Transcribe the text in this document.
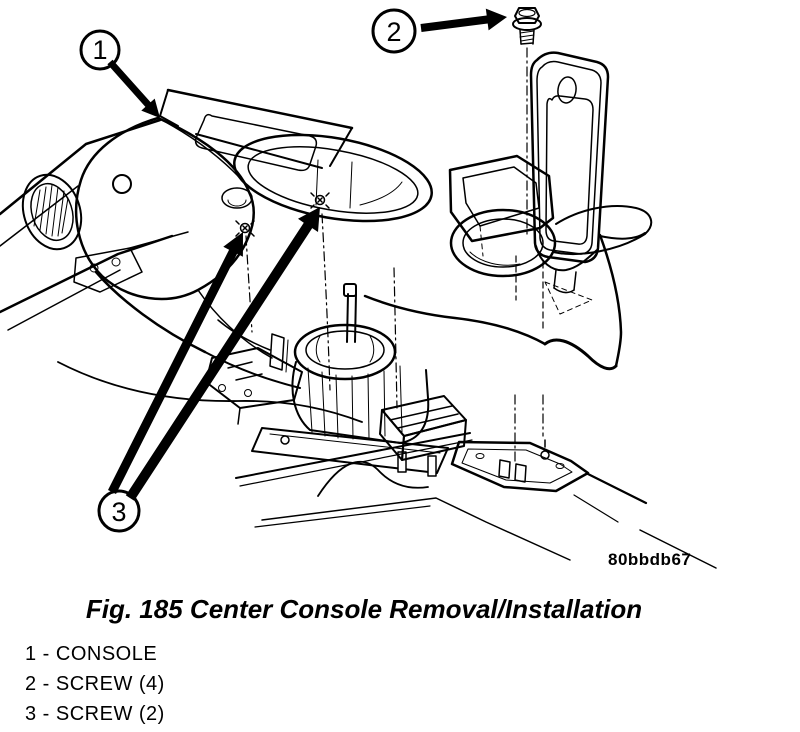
1
2
3
80bbdb67
Fig. 185 Center Console Removal/Installation
1 - CONSOLE
2 - SCREW (4)
3 - SCREW (2)
